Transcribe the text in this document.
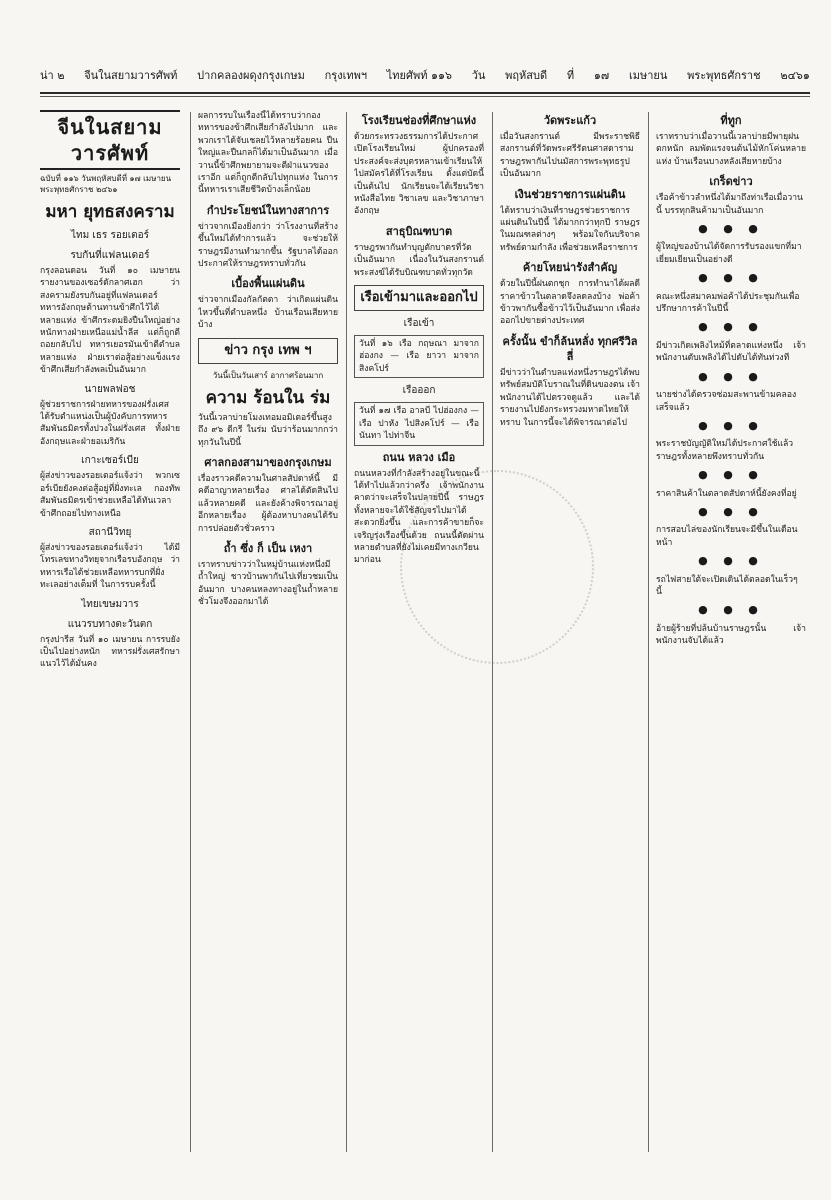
น่า ๒ จีนในสยามวารศัพท์ ปากคลองผดุงกรุงเกษม กรุงเทพฯ ไทยศัพท์ ๑๑๖ วัน พฤหัสบดี ที่ ๑๗ เมษายน พระพุทธศักราช ๒๔๖๑
จีนในสยามวารศัพท์
ฉบับที่ ๑๑๖ วันพฤหัสบดีที่ ๑๗ เมษายน พระพุทธศักราช ๒๔๖๑
มหา ยุทธสงคราม
ไทม เธร รอยเตอร์
รบกันที่แฟลนเดอร์
กรุงลอนดอน วันที่ ๑๐ เมษายน รายงานของเซอร์ดักลาศเฮก ว่าสงครามยังรบกันอยู่ที่แฟลนเดอร์ ทหารอังกฤษต้านทานข้าศึกไว้ได้หลายแห่ง ข้าศึกระดมยิงปืนใหญ่อย่างหนักทางฝ่ายเหนือแม่น้ำลีส แต่ก็ถูกตีถอยกลับไป ทหารเยอรมันเข้าตีตำบลหลายแห่ง ฝ่ายเราต่อสู้อย่างแข็งแรง ข้าศึกเสียกำลังพลเป็นอันมาก
นายพลฟอช
ผู้ช่วยราชการฝ่ายทหารของฝรั่งเศส ได้รับตำแหน่งเป็นผู้บังคับการทหารสัมพันธมิตรทั้งปวงในฝรั่งเศส ทั้งฝ่ายอังกฤษและฝ่ายอเมริกัน
เกาะเซอร์เบีย
ผู้ส่งข่าวของรอยเตอร์แจ้งว่า พวกเซอร์เบียยังคงต่อสู้อยู่ที่ฝั่งทะเล กองทัพสัมพันธมิตรเข้าช่วยเหลือได้ทันเวลา ข้าศึกถอยไปทางเหนือ
สถานีวิทยุ
ผู้ส่งข่าวของรอยเตอร์แจ้งว่า ได้มีโทรเลขทางวิทยุจากเรือรบอังกฤษ ว่าทหารเรือได้ช่วยเหลือทหารบกที่ฝั่งทะเลอย่างเต็มที่ ในการรบครั้งนี้
ไทยเขษมวาร
แนวรบทางตะวันตก
กรุงปารีส วันที่ ๑๐ เมษายน การรบยังเป็นไปอย่างหนัก ทหารฝรั่งเศสรักษาแนวไว้ได้มั่นคง
ผลการรบในเรื่องนี้ได้ทราบว่ากองทหารของข้าศึกเสียกำลังไปมาก และพวกเราได้จับเชลยไว้หลายร้อยคน ปืนใหญ่และปืนกลก็ได้มาเป็นอันมาก เมื่อวานนี้ข้าศึกพยายามจะตีฝ่าแนวของเราอีก แต่ก็ถูกตีกลับไปทุกแห่ง ในการนี้ทหารเราเสียชีวิตบ้างเล็กน้อย
กำประโยชน์ในทางสาการ
ข่าวจากเมืองยิ่งกว่า ว่าโรงงานที่สร้างขึ้นใหม่ได้ทำการแล้ว จะช่วยให้ราษฎรมีงานทำมากขึ้น รัฐบาลได้ออกประกาศให้ราษฎรทราบทั่วกัน
เบื้องพื้นแผ่นดิน
ข่าวจากเมืองกัลกัตตา ว่าเกิดแผ่นดินไหวขึ้นที่ตำบลหนึ่ง บ้านเรือนเสียหายบ้าง
ข่าว กรุง เทพ ฯ
วันนี้เป็นวันเสาร์ อากาศร้อนมาก
ความ ร้อนใน ร่ม
วันนี้เวลาบ่ายโมงเทอมอมิเตอร์ขึ้นสูงถึง ๙๖ ดีกรี ในร่ม นับว่าร้อนมากกว่าทุกวันในปีนี้
ศาลกองสามาของกรุงเกษม
เรื่องราวคดีความในศาลสัปดาห์นี้ มีคดีอาญาหลายเรื่อง ศาลได้ตัดสินไปแล้วหลายคดี และยังค้างพิจารณาอยู่อีกหลายเรื่อง ผู้ต้องหาบางคนได้รับการปล่อยตัวชั่วคราว
ถ้ำ ซึ่ง ก็ เป็น เหงา
เราทราบข่าวว่าในหมู่บ้านแห่งหนึ่งมีถ้ำใหญ่ ชาวบ้านพากันไปเที่ยวชมเป็นอันมาก บางคนหลงทางอยู่ในถ้ำหลายชั่วโมงจึงออกมาได้
โรงเรียนช่องที่ศึกษาแห่ง
ด้วยกระทรวงธรรมการได้ประกาศเปิดโรงเรียนใหม่ ผู้ปกครองที่ประสงค์จะส่งบุตรหลานเข้าเรียนให้ไปสมัครได้ที่โรงเรียน ตั้งแต่บัดนี้เป็นต้นไป นักเรียนจะได้เรียนวิชาหนังสือไทย วิชาเลข และวิชาภาษาอังกฤษ
สาธุบิณฑบาต
ราษฎรพากันทำบุญตักบาตรที่วัดเป็นอันมาก เนื่องในวันสงกรานต์ พระสงฆ์ได้รับบิณฑบาตทั่วทุกวัด
เรือเข้ามาและออกไป
เรือเข้า
วันที่ ๑๖ เรือ กฤษณา มาจากฮ่องกง — เรือ ยาวา มาจากสิงคโปร์
เรือออก
วันที่ ๑๗ เรือ อาลบี ไปฮ่องกง — เรือ ปาหัง ไปสิงคโปร์ — เรือ นันทา ไปท่าจีน
ถนน หลวง เมือ
ถนนหลวงที่กำลังสร้างอยู่ในขณะนี้ ได้ทำไปแล้วกว่าครึ่ง เจ้าพนักงานคาดว่าจะเสร็จในปลายปีนี้ ราษฎรทั้งหลายจะได้ใช้สัญจรไปมาได้สะดวกยิ่งขึ้น และการค้าขายก็จะเจริญรุ่งเรืองขึ้นด้วย ถนนนี้ตัดผ่านหลายตำบลที่ยังไม่เคยมีทางเกวียนมาก่อน
วัดพระแก้ว
เมื่อวันสงกรานต์ มีพระราชพิธีสงกรานต์ที่วัดพระศรีรัตนศาสดาราม ราษฎรพากันไปนมัสการพระพุทธรูปเป็นอันมาก
เงินช่วยราชการแผ่นดิน
ได้ทราบว่าเงินที่ราษฎรช่วยราชการแผ่นดินในปีนี้ ได้มากกว่าทุกปี ราษฎรในมณฑลต่างๆ พร้อมใจกันบริจาคทรัพย์ตามกำลัง เพื่อช่วยเหลือราชการ
ค้ายโหยน่ารังสำคัญ
ด้วยในปีนี้ฝนตกชุก การทำนาได้ผลดี ราคาข้าวในตลาดจึงลดลงบ้าง พ่อค้าข้าวพากันซื้อข้าวไว้เป็นอันมาก เพื่อส่งออกไปขายต่างประเทศ
ครั้งนั้น ขำก็ล้นหลั่ง ทุกศรีวิลลี่
มีข่าวว่าในตำบลแห่งหนึ่งราษฎรได้พบทรัพย์สมบัติโบราณในที่ดินของตน เจ้าพนักงานได้ไปตรวจดูแล้ว และได้รายงานไปยังกระทรวงมหาดไทยให้ทราบ ในการนี้จะได้พิจารณาต่อไป
ที่ทูก
เราทราบว่าเมื่อวานนี้เวลาบ่ายมีพายุฝนตกหนัก ลมพัดแรงจนต้นไม้หักโค่นหลายแห่ง บ้านเรือนบางหลังเสียหายบ้าง
เกร็ดข่าว
เรือค้าข้าวลำหนึ่งได้มาถึงท่าเรือเมื่อวานนี้ บรรทุกสินค้ามาเป็นอันมาก
● ● ●
ผู้ใหญ่ของบ้านได้จัดการรับรองแขกที่มาเยี่ยมเยียนเป็นอย่างดี
● ● ●
คณะหนึ่งสมาคมพ่อค้าได้ประชุมกันเพื่อปรึกษาการค้าในปีนี้
● ● ●
มีข่าวเกิดเพลิงไหม้ที่ตลาดแห่งหนึ่ง เจ้าพนักงานดับเพลิงได้ไปดับได้ทันท่วงที
● ● ●
นายช่างได้ตรวจซ่อมสะพานข้ามคลองเสร็จแล้ว
● ● ●
พระราชบัญญัติใหม่ได้ประกาศใช้แล้ว ราษฎรทั้งหลายพึงทราบทั่วกัน
● ● ●
ราคาสินค้าในตลาดสัปดาห์นี้ยังคงที่อยู่
● ● ●
การสอบไล่ของนักเรียนจะมีขึ้นในเดือนหน้า
● ● ●
รถไฟสายใต้จะเปิดเดินได้ตลอดในเร็วๆ นี้
● ● ●
อ้ายผู้ร้ายที่ปล้นบ้านราษฎรนั้น เจ้าพนักงานจับได้แล้ว
